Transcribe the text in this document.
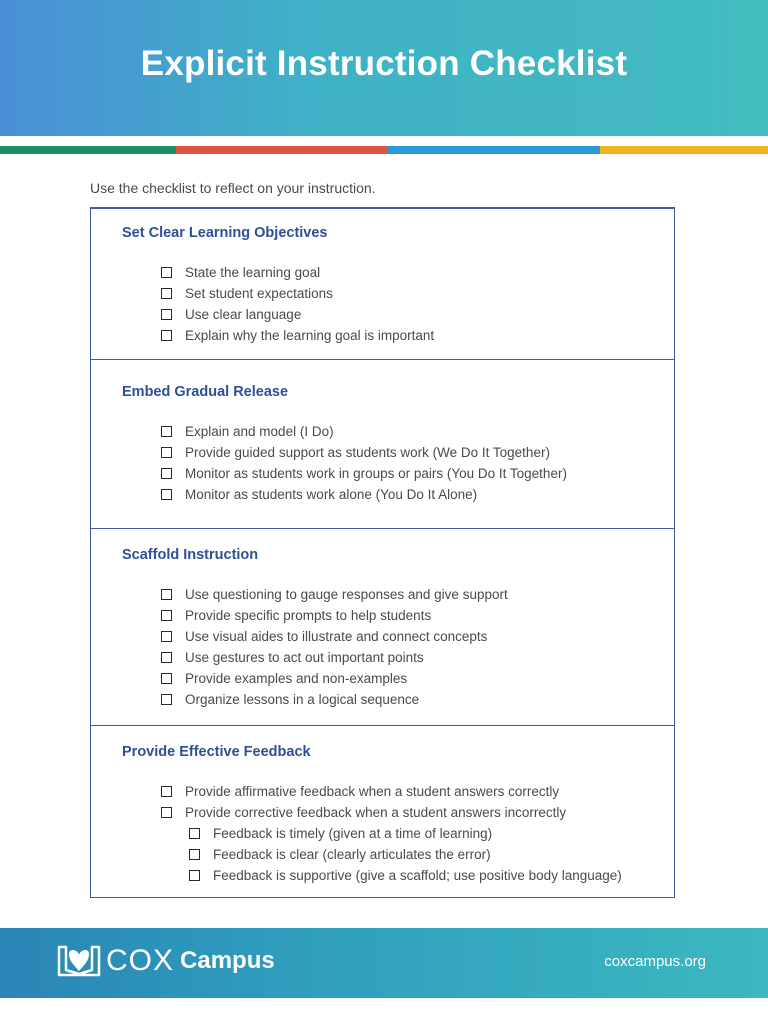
Explicit Instruction Checklist
Use the checklist to reflect on your instruction.
Set Clear Learning Objectives
State the learning goal
Set student expectations
Use clear language
Explain why the learning goal is important
Embed Gradual Release
Explain and model (I Do)
Provide guided support as students work (We Do It Together)
Monitor as students work in groups or pairs (You Do It Together)
Monitor as students work alone (You Do It Alone)
Scaffold Instruction
Use questioning to gauge responses and give support
Provide specific prompts to help students
Use visual aides to illustrate and connect concepts
Use gestures to act out important points
Provide examples and non-examples
Organize lessons in a logical sequence
Provide Effective Feedback
Provide affirmative feedback when a student answers correctly
Provide corrective feedback when a student answers incorrectly
Feedback is timely (given at a time of learning)
Feedback is clear (clearly articulates the error)
Feedback is supportive (give a scaffold; use positive body language)
COX Campus	coxcampus.org
